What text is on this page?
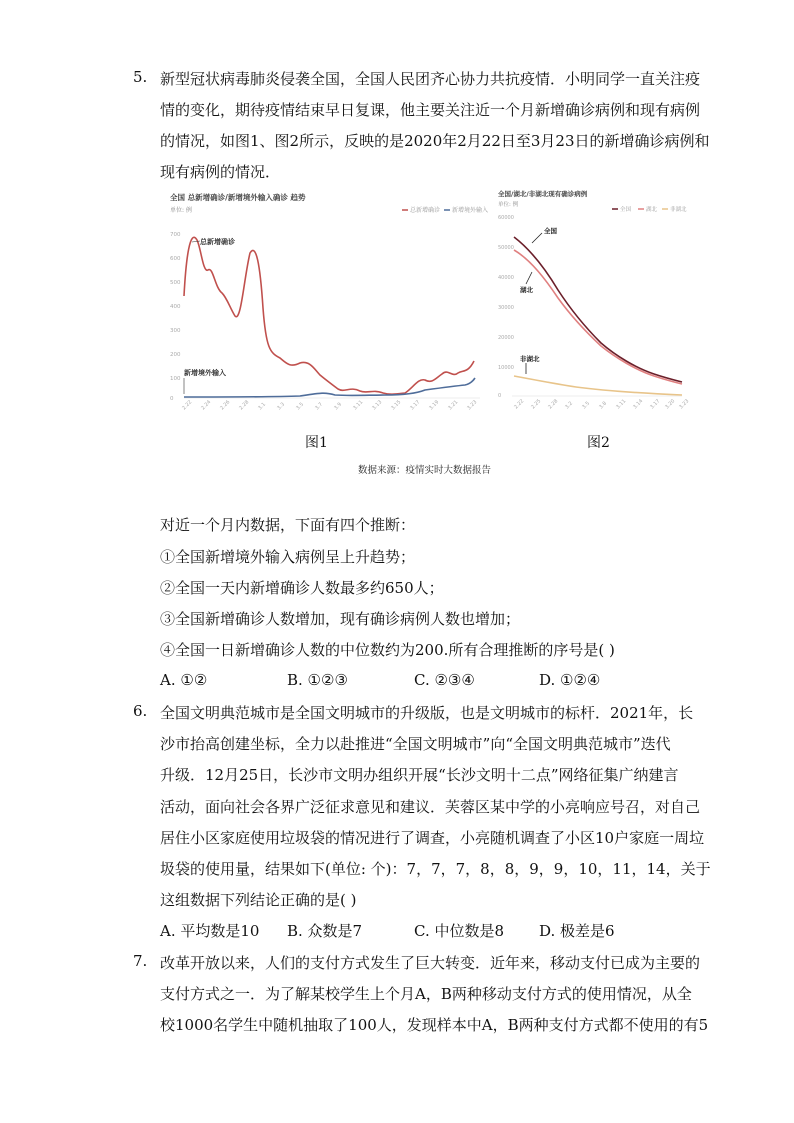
5. 新型冠状病毒肺炎侵袭全国，全国人民团齐心协力共抗疫情．小明同学一直关注疫
情的变化，期待疫情结束早日复课，他主要关注近一个月新增确诊病例和现有病例
的情况，如图1、图2所示，反映的是2020年2月22日至3月23日的新增确诊病例和
现有病例的情况．
全国 总新增确诊/新增境外输入确诊 趋势
单位: 例	总新增确诊 新增境外输入
700
600
500
400
300
200
100
0
总新增确诊
新增境外输入
2.22 2.24 2.26 2.28 3.1 3.3 3.5 3.7 3.9 3.11 3.13 3.15 3.17 3.19 3.21 3.23
全国/湖北/非湖北现有确诊病例
单位: 例
全国	湖北 非湖北
60000
50000
40000
30000
20000
10000
0
全国
湖北
非湖北
2.22 2.25 2.28 3.2 3.5 3.8 3.11 3.14 3.17 3.20 3.23
图1	图2
数据来源：疫情实时大数据报告
对近一个月内数据，下面有四个推断：
①全国新增境外输入病例呈上升趋势；
②全国一天内新增确诊人数最多约650人；
③全国新增确诊人数增加，现有确诊病例人数也增加；
④全国一日新增确诊人数的中位数约为200.所有合理推断的序号是( )
A. ①②	B. ①②③	C. ②③④	D. ①②④
6. 全国文明典范城市是全国文明城市的升级版，也是文明城市的标杆．2021年，长
沙市抬高创建坐标，全力以赴推进“全国文明城市”向“全国文明典范城市”迭代
升级．12月25日，长沙市文明办组织开展“长沙文明十二点”网络征集广纳建言
活动，面向社会各界广泛征求意见和建议．芙蓉区某中学的小亮响应号召，对自己
居住小区家庭使用垃圾袋的情况进行了调查，小亮随机调查了小区10户家庭一周垃
圾袋的使用量，结果如下(单位: 个)：7，7，7，8，8，9，9，10，11，14，关于
这组数据下列结论正确的是( )
A. 平均数是10 B. 众数是7	C. 中位数是8 D. 极差是6
7. 改革开放以来，人们的支付方式发生了巨大转变．近年来，移动支付已成为主要的
支付方式之一．为了解某校学生上个月A，B两种移动支付方式的使用情况，从全
校1000名学生中随机抽取了100人，发现样本中A，B两种支付方式都不使用的有5
